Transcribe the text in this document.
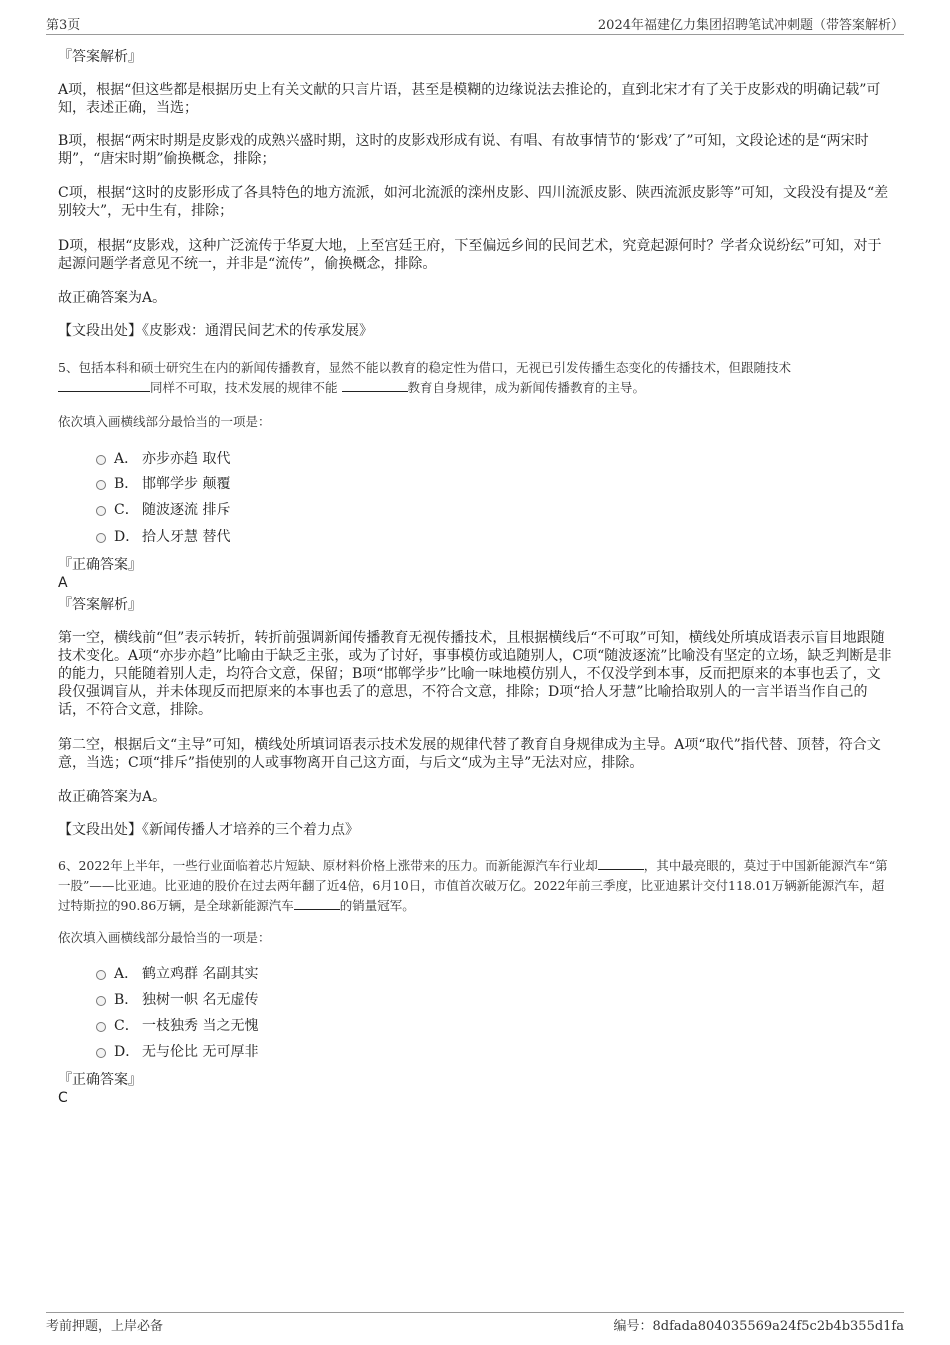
第3页	2024年福建亿力集团招聘笔试冲刺题（带答案解析）
『答案解析』
A项，根据“但这些都是根据历史上有关文献的只言片语，甚至是模糊的边缘说法去推论的，直到北宋才有了关于皮影戏的明确记载”可知，表述正确，当选；
B项，根据“两宋时期是皮影戏的成熟兴盛时期，这时的皮影戏形成有说、有唱、有故事情节的‘影戏’了”可知，文段论述的是“两宋时期”，“唐宋时期”偷换概念，排除；
C项，根据“这时的皮影形成了各具特色的地方流派，如河北流派的滦州皮影、四川流派皮影、陕西流派皮影等”可知，文段没有提及“差别较大”，无中生有，排除；
D项，根据“皮影戏，这种广泛流传于华夏大地，上至宫廷王府，下至偏远乡间的民间艺术，究竟起源何时？学者众说纷纭”可知，对于起源问题学者意见不统一，并非是“流传”，偷换概念，排除。
故正确答案为A。
【文段出处】《皮影戏：通渭民间艺术的传承发展》
5、包括本科和硕士研究生在内的新闻传播教育，显然不能以教育的稳定性为借口，无视已引发传播生态变化的传播技术，但跟随技术
同样不可取，技术发展的规律不能	教育自身规律，成为新闻传播教育的主导。
依次填入画横线部分最恰当的一项是：
A． 亦步亦趋 取代
B． 邯郸学步 颠覆
C． 随波逐流 排斥
D． 拾人牙慧 替代
『正确答案』
A
『答案解析』
第一空，横线前“但”表示转折，转折前强调新闻传播教育无视传播技术，且根据横线后“不可取”可知，横线处所填成语表示盲目地跟随技术变化。A项“亦步亦趋”比喻由于缺乏主张，或为了讨好，事事模仿或追随别人，C项“随波逐流”比喻没有坚定的立场，缺乏判断是非的能力，只能随着别人走，均符合文意，保留；B项“邯郸学步”比喻一味地模仿别人，不仅没学到本事，反而把原来的本事也丢了，文段仅强调盲从，并未体现反而把原来的本事也丢了的意思，不符合文意，排除；D项“拾人牙慧”比喻拾取别人的一言半语当作自己的话，不符合文意，排除。
第二空，根据后文“主导”可知，横线处所填词语表示技术发展的规律代替了教育自身规律成为主导。A项“取代”指代替、顶替，符合文意，当选；C项“排斥”指使别的人或事物离开自己这方面，与后文“成为主导”无法对应，排除。
故正确答案为A。
【文段出处】《新闻传播人才培养的三个着力点》
6、2022年上半年，一些行业面临着芯片短缺、原材料价格上涨带来的压力。而新能源汽车行业却	，其中最亮眼的，莫过于中国新能源汽车“第一股”——比亚迪。比亚迪的股价在过去两年翻了近4倍，6月10日，市值首次破万亿。2022年前三季度，比亚迪累计交付118.01万辆新能源汽车，超过特斯拉的90.86万辆，是全球新能源汽车	的销量冠军。
依次填入画横线部分最恰当的一项是：
A． 鹤立鸡群 名副其实
B． 独树一帜 名无虚传
C． 一枝独秀 当之无愧
D． 无与伦比 无可厚非
『正确答案』
C
考前押题，上岸必备	编号：8dfada804035569a24f5c2b4b355d1fa
